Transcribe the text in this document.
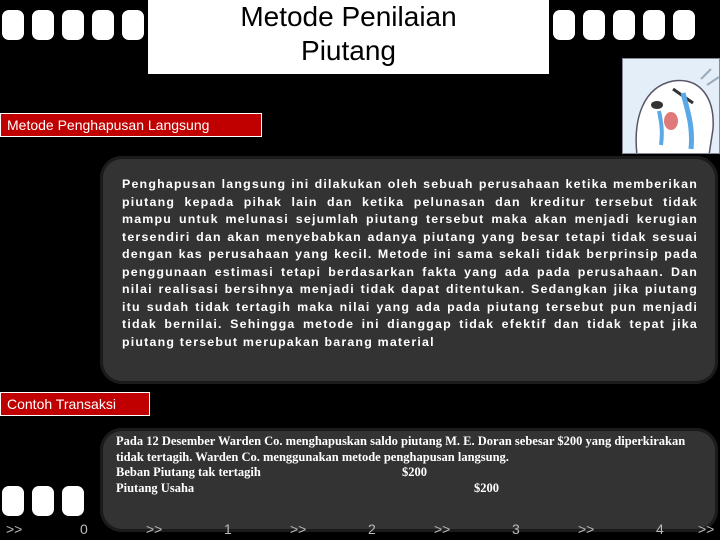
Metode Penilaian
Piutang
Metode Penghapusan Langsung

Penghapusan langsung ini dilakukan oleh sebuah perusahaan ketika memberikan piutang kepada pihak lain dan ketika pelunasan dan kreditur tersebut tidak mampu untuk melunasi sejumlah piutang tersebut maka akan menjadi kerugian tersendiri dan akan menyebabkan adanya piutang yang besar tetapi tidak sesuai dengan kas perusahaan yang kecil. Metode ini sama sekali tidak berprinsip pada penggunaan estimasi tetapi berdasarkan fakta yang ada pada perusahaan. Dan nilai realisasi bersihnya menjadi tidak dapat ditentukan. Sedangkan jika piutang itu sudah tidak tertagih maka nilai yang ada pada piutang tersebut pun menjadi tidak bernilai. Sehingga metode ini dianggap tidak efektif dan tidak tepat jika piutang tersebut merupakan barang material

Contoh Transaksi
Pada 12 Desember Warden Co. menghapuskan saldo piutang M. E. Doran sebesar $200 yang diperkirakan tidak tertagih. Warden Co. menggunakan metode penghapusan langsung.
Beban Piutang tak tertagih	$200
Piutang Usaha	$200
>>	0	>>	1	>>	2	>>	3	>>	4 >>
